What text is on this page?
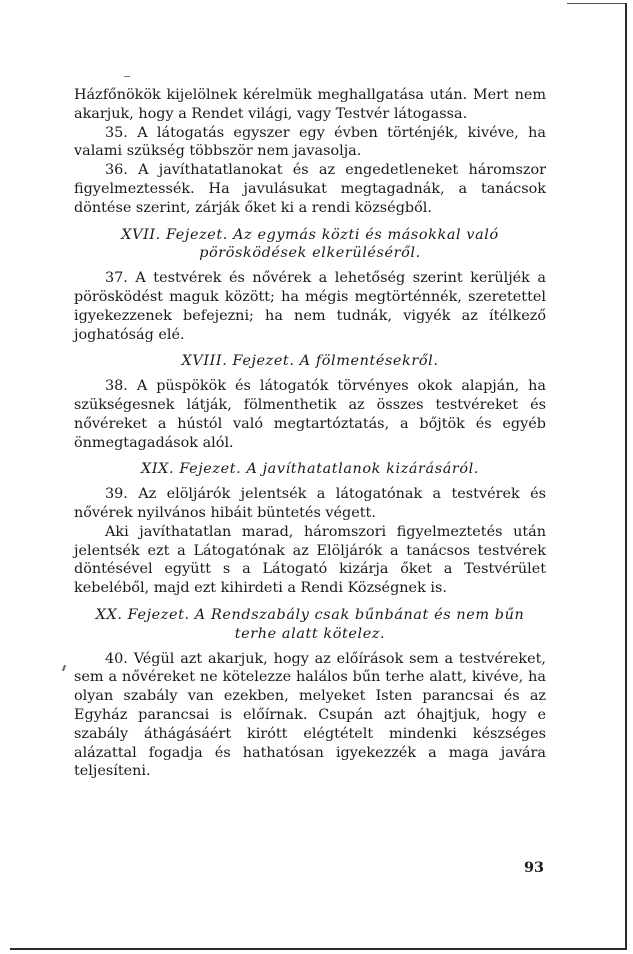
Házfőnökök kijelölnek kérelmük meghallgatása után. Mert nem akarjuk, hogy a Rendet világi, vagy Testvér látogassa.

35. A látogatás egyszer egy évben történjék, kivéve, ha valami szükség többször nem javasolja.

36. A javíthatatlanokat és az engedetleneket háromszor figyelmeztessék. Ha javulásukat megtagadnák, a tanácsok döntése szerint, zárják őket ki a rendi községből.

XVII. Fejezet. Az egymás közti és másokkal való pörösködések elkerüléséről.

37. A testvérek és nővérek a lehetőség szerint kerüljék a pörösködést maguk között; ha mégis megtörténnék, szeretettel igyekezzenek befejezni; ha nem tudnák, vigyék az ítélkező joghatóság elé.

XVIII. Fejezet. A fölmentésekről.

38. A püspökök és látogatók törvényes okok alapján, ha szükségesnek látják, fölmenthetik az összes testvéreket és nővéreket a hústól való megtartóztatás, a bőjtök és egyéb önmegtagadások alól.

XIX. Fejezet. A javíthatatlanok kizárásáról.

39. Az elöljárók jelentsék a látogatónak a testvérek és nővérek nyilvános hibáit büntetés végett.

Aki javíthatatlan marad, háromszori figyelmeztetés után jelentsék ezt a Látogatónak az Elöljárók a tanácsos testvérek döntésével együtt s a Látogató kizárja őket a Testvérület kebeléből, majd ezt kihirdeti a Rendi Községnek is.

XX. Fejezet. A Rendszabály csak bűnbánat és nem bűn terhe alatt kötelez.

40. Végül azt akarjuk, hogy az előírások sem a testvéreket, sem a nővéreket ne kötelezze halálos bűn terhe alatt, kivéve, ha olyan szabály van ezekben, melyeket Isten parancsai és az Egyház parancsai is előírnak. Csupán azt óhajtjuk, hogy e szabály áthágásáért kirótt elégtételt mindenki készséges alázattal fogadja és hathatósan igyekezzék a maga javára teljesíteni.

93
